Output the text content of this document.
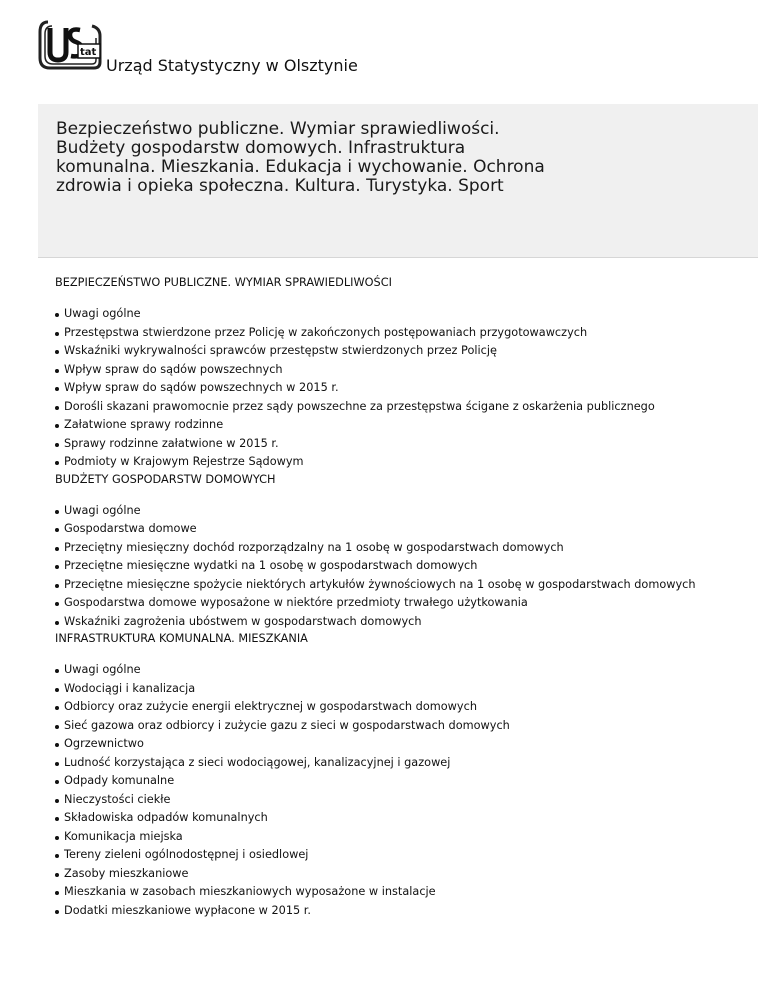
tat
Urząd Statystyczny w Olsztynie
Bezpieczeństwo publiczne. Wymiar sprawiedliwości. Budżety gospodarstw domowych. Infrastruktura komunalna. Mieszkania. Edukacja i wychowanie. Ochrona zdrowia i opieka społeczna. Kultura. Turystyka. Sport
BEZPIECZEŃSTWO PUBLICZNE. WYMIAR SPRAWIEDLIWOŚCI
Uwagi ogólne
Przestępstwa stwierdzone przez Policję w zakończonych postępowaniach przygotowawczych
Wskaźniki wykrywalności sprawców przestępstw stwierdzonych przez Policję
Wpływ spraw do sądów powszechnych
Wpływ spraw do sądów powszechnych w 2015 r.
Dorośli skazani prawomocnie przez sądy powszechne za przestępstwa ścigane z oskarżenia publicznego
Załatwione sprawy rodzinne
Sprawy rodzinne załatwione w 2015 r.
Podmioty w Krajowym Rejestrze Sądowym
BUDŻETY GOSPODARSTW DOMOWYCH
Uwagi ogólne
Gospodarstwa domowe
Przeciętny miesięczny dochód rozporządzalny na 1 osobę w gospodarstwach domowych
Przeciętne miesięczne wydatki na 1 osobę w gospodarstwach domowych
Przeciętne miesięczne spożycie niektórych artykułów żywnościowych na 1 osobę w gospodarstwach domowych
Gospodarstwa domowe wyposażone w niektóre przedmioty trwałego użytkowania
Wskaźniki zagrożenia ubóstwem w gospodarstwach domowych
INFRASTRUKTURA KOMUNALNA. MIESZKANIA
Uwagi ogólne
Wodociągi i kanalizacja
Odbiorcy oraz zużycie energii elektrycznej w gospodarstwach domowych
Sieć gazowa oraz odbiorcy i zużycie gazu z sieci w gospodarstwach domowych
Ogrzewnictwo
Ludność korzystająca z sieci wodociągowej, kanalizacyjnej i gazowej
Odpady komunalne
Nieczystości ciekłe
Składowiska odpadów komunalnych
Komunikacja miejska
Tereny zieleni ogólnodostępnej i osiedlowej
Zasoby mieszkaniowe
Mieszkania w zasobach mieszkaniowych wyposażone w instalacje
Dodatki mieszkaniowe wypłacone w 2015 r.
